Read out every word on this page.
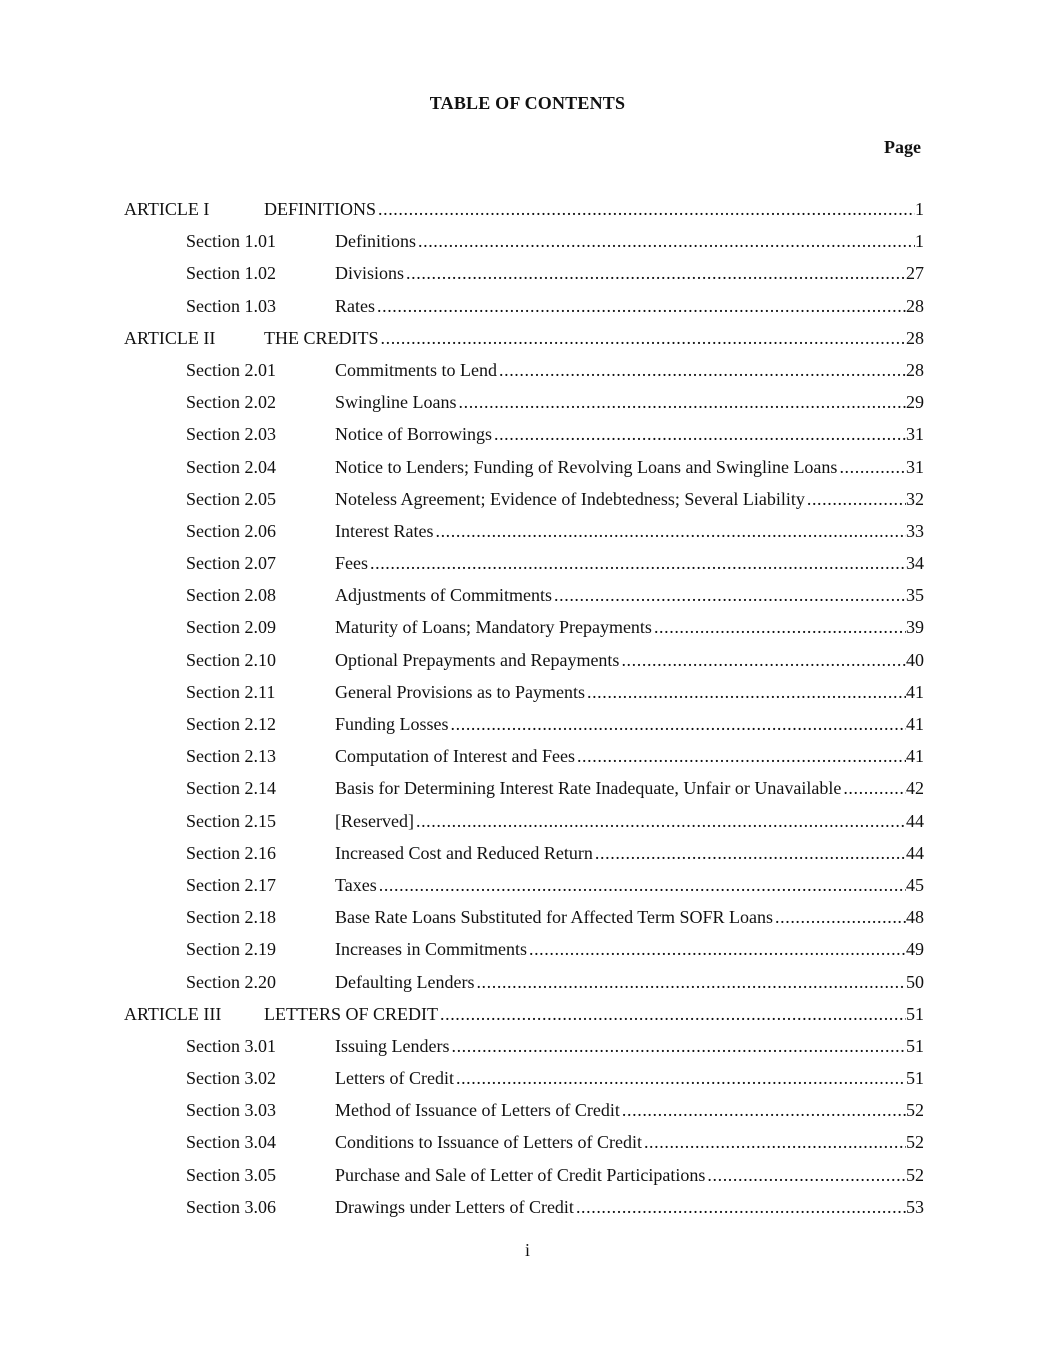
TABLE OF CONTENTS
Page
ARTICLE I	DEFINITIONS .....	1
Section 1.01	Definitions .....	1
Section 1.02	Divisions .....	27
Section 1.03	Rates .....	28
ARTICLE II	THE CREDITS .....	28
Section 2.01	Commitments to Lend .....	28
Section 2.02	Swingline Loans .....	29
Section 2.03	Notice of Borrowings .....	31
Section 2.04	Notice to Lenders; Funding of Revolving Loans and Swingline Loans .....	31
Section 2.05	Noteless Agreement; Evidence of Indebtedness; Several Liability .....	32
Section 2.06	Interest Rates .....	33
Section 2.07	Fees .....	34
Section 2.08	Adjustments of Commitments .....	35
Section 2.09	Maturity of Loans; Mandatory Prepayments .....	39
Section 2.10	Optional Prepayments and Repayments .....	40
Section 2.11	General Provisions as to Payments .....	41
Section 2.12	Funding Losses .....	41
Section 2.13	Computation of Interest and Fees .....	41
Section 2.14	Basis for Determining Interest Rate Inadequate, Unfair or Unavailable .....	42
Section 2.15	[Reserved] .....	44
Section 2.16	Increased Cost and Reduced Return .....	44
Section 2.17	Taxes .....	45
Section 2.18	Base Rate Loans Substituted for Affected Term SOFR Loans .....	48
Section 2.19	Increases in Commitments .....	49
Section 2.20	Defaulting Lenders .....	50
ARTICLE III	LETTERS OF CREDIT .....	51
Section 3.01	Issuing Lenders .....	51
Section 3.02	Letters of Credit .....	51
Section 3.03	Method of Issuance of Letters of Credit .....	52
Section 3.04	Conditions to Issuance of Letters of Credit .....	52
Section 3.05	Purchase and Sale of Letter of Credit Participations .....	52
Section 3.06	Drawings under Letters of Credit .....	53
i
